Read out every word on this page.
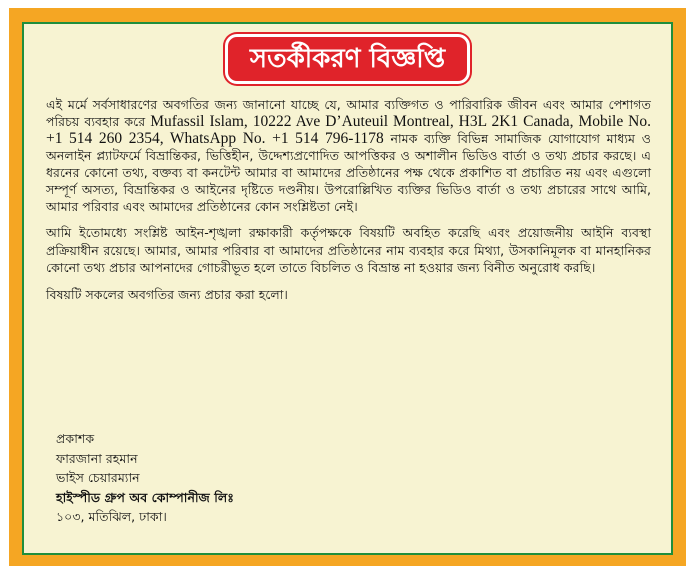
সতর্কীকরণ বিজ্ঞপ্তি

এই মর্মে সর্বসাধারণের অবগতির জন্য জানানো যাচ্ছে যে, আমার ব্যক্তিগত ও পারিবারিক জীবন এবং আমার পেশাগত পরিচয় ব্যবহার করে Mufassil Islam, 10222 Ave D’Auteuil Montreal, H3L 2K1 Canada, Mobile No. +1 514 260 2354, WhatsApp No. +1 514 796-1178 নামক ব্যক্তি বিভিন্ন সামাজিক যোগাযোগ মাধ্যম ও অনলাইন প্ল্যাটফর্মে বিভ্রান্তিকর, ভিত্তিহীন, উদ্দেশ্যপ্রণোদিত আপত্তিকর ও অশালীন ভিডিও বার্তা ও তথ্য প্রচার করছে। এ ধরনের কোনো তথ্য, বক্তব্য বা কনটেন্ট আমার বা আমাদের প্রতিষ্ঠানের পক্ষ থেকে প্রকাশিত বা প্রচারিত নয় এবং এগুলো সম্পূর্ণ অসত্য, বিভ্রান্তিকর ও আইনের দৃষ্টিতে দণ্ডনীয়। উপরোল্লিখিত ব্যক্তির ভিডিও বার্তা ও তথ্য প্রচারের সাথে আমি, আমার পরিবার এবং আমাদের প্রতিষ্ঠানের কোন সংশ্লিষ্টতা নেই।

আমি ইতোমধ্যে সংশ্লিষ্ট আইন-শৃঙ্খলা রক্ষাকারী কর্তৃপক্ষকে বিষয়টি অবহিত করেছি এবং প্রয়োজনীয় আইনি ব্যবস্থা প্রক্রিয়াধীন রয়েছে। আমার, আমার পরিবার বা আমাদের প্রতিষ্ঠানের নাম ব্যবহার করে মিথ্যা, উসকানিমূলক বা মানহানিকর কোনো তথ্য প্রচার আপনাদের গোচরীভূত হলে তাতে বিচলিত ও বিভ্রান্ত না হওয়ার জন্য বিনীত অনুরোধ করছি।

বিষয়টি সকলের অবগতির জন্য প্রচার করা হলো।

প্রকাশক
ফারজানা রহমান
ভাইস চেয়ারম্যান
হাইস্পীড গ্রুপ অব কোম্পানীজ লিঃ
১০৩, মতিঝিল, ঢাকা।
